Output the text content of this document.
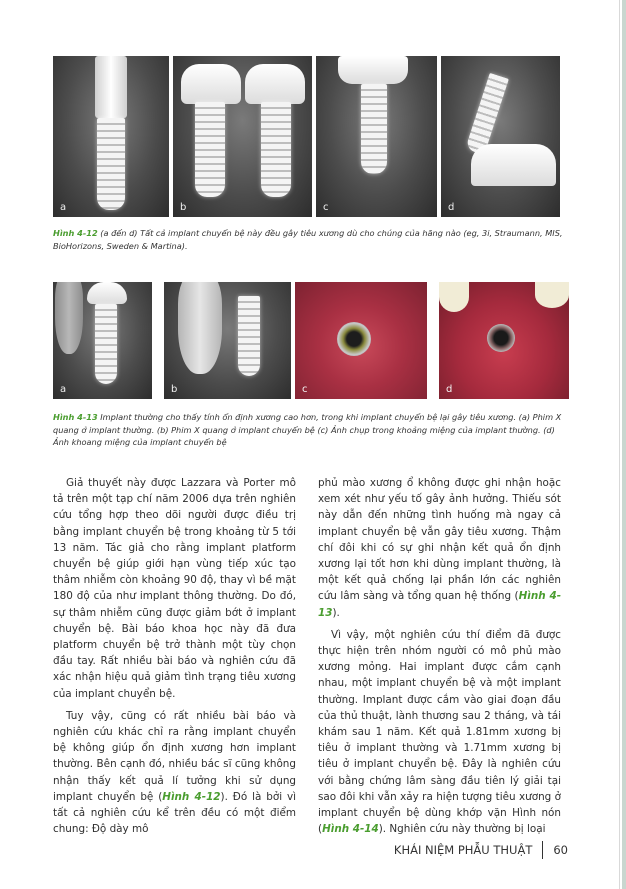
a	b	c	d
Hình 4-12 (a đến d) Tất cả implant chuyển bệ này đều gây tiêu xương dù cho chúng của hãng nào (eg, 3i, Straumann, MIS, BioHorizons, Sweden & Martina).
a	b	c	d
Hình 4-13 Implant thường cho thấy tính ổn định xương cao hơn, trong khi implant chuyển bệ lại gây tiêu xương. (a) Phim X quang ở implant thường. (b) Phim X quang ở implant chuyển bệ (c) Ảnh chụp trong khoảng miệng của implant thường. (d) Ảnh khoang miệng của implant chuyển bệ

Giả thuyết này được Lazzara và Porter mô tả trên một tạp chí năm 2006 dựa trên nghiên cứu tổng hợp theo dõi người được điều trị bằng implant chuyển bệ trong khoảng từ 5 tới 13 năm. Tác giả cho rằng implant platform chuyển bệ giúp giới hạn vùng tiếp xúc tạo thâm nhiễm còn khoảng 90 độ, thay vì bề mặt 180 độ của như implant thông thường. Do đó, sự thâm nhiễm cũng được giảm bớt ở implant chuyển bệ. Bài báo khoa học này đã đưa platform chuyển bệ trở thành một tùy chọn đầu tay. Rất nhiều bài báo và nghiên cứu đã xác nhận hiệu quả giảm tình trạng tiêu xương của implant chuyển bệ.

Tuy vậy, cũng có rất nhiều bài báo và nghiên cứu khác chỉ ra rằng implant chuyển bệ không giúp ổn định xương hơn implant thường. Bên cạnh đó, nhiều bác sĩ cũng không nhận thấy kết quả lí tưởng khi sử dụng implant chuyển bệ (Hình 4-12). Đó là bởi vì tất cả nghiên cứu kể trên đều có một điểm chung: Độ dày mô

phủ mào xương ổ không được ghi nhận hoặc xem xét như yếu tố gây ảnh hưởng. Thiếu sót này dẫn đến những tình huống mà ngay cả implant chuyển bệ vẫn gây tiêu xương. Thậm chí đôi khi có sự ghi nhận kết quả ổn định xương lại tốt hơn khi dùng implant thường, là một kết quả chống lại phần lớn các nghiên cứu lâm sàng và tổng quan hệ thống (Hình 4-13).

Vì vậy, một nghiên cứu thí điểm đã được thực hiện trên nhóm người có mô phủ mào xương mỏng. Hai implant được cắm cạnh nhau, một implant chuyển bệ và một implant thường. Implant được cắm vào giai đoạn đầu của thủ thuật, lành thương sau 2 tháng, và tái khám sau 1 năm. Kết quả 1.81mm xương bị tiêu ở implant thường và 1.71mm xương bị tiêu ở implant chuyển bệ. Đây là nghiên cứu với bằng chứng lâm sàng đầu tiên lý giải tại sao đôi khi vẫn xảy ra hiện tượng tiêu xương ở implant chuyển bệ dùng khớp vặn Hình nón (Hình 4-14). Nghiên cứu này thường bị loại

KHÁI NIỆM PHẪU THUẬT 60
